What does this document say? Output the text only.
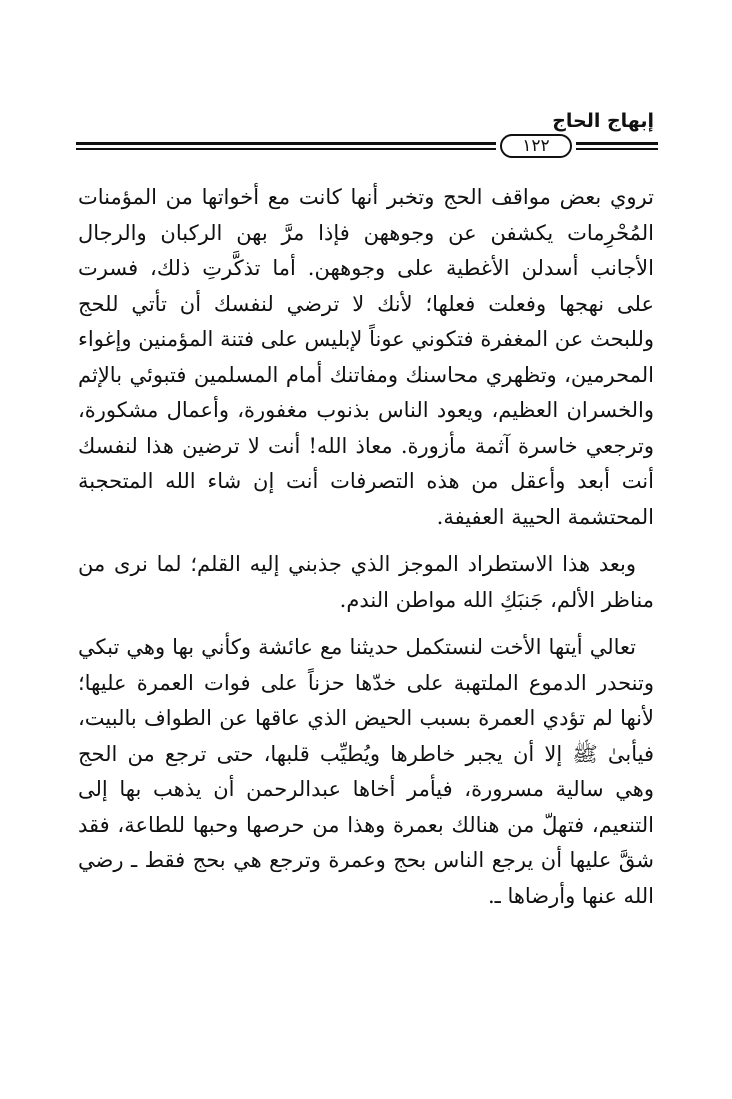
١٢٢
إبهاج الحاج

تروي بعض مواقف الحج وتخبر أنها كانت مع أخواتها من المؤمنات المُحْرِمات يكشفن عن وجوههن فإذا مرَّ بهن الركبان والرجال الأجانب أسدلن الأغطية على وجوههن. أما تذكَّرتِ ذلك، فسرت على نهجها وفعلت فعلها؛ لأنك لا ترضي لنفسك أن تأتي للحج وللبحث عن المغفرة فتكوني عوناً لإبليس على فتنة المؤمنين وإغواء المحرمين، وتظهري محاسنك ومفاتنك أمام المسلمين فتبوئي بالإثم والخسران العظيم، ويعود الناس بذنوب مغفورة، وأعمال مشكورة، وترجعي خاسرة آثمة مأزورة. معاذ الله! أنت لا ترضين هذا لنفسك أنت أبعد وأعقل من هذه التصرفات أنت إن شاء الله المتحجبة المحتشمة الحيية العفيفة.

وبعد هذا الاستطراد الموجز الذي جذبني إليه القلم؛ لما نرى من مناظر الألم، جَنبَكِ الله مواطن الندم.

تعالي أيتها الأخت لنستكمل حديثنا مع عائشة وكأني بها وهي تبكي وتنحدر الدموع الملتهبة على خدّها حزناً على فوات العمرة عليها؛ لأنها لم تؤدي العمرة بسبب الحيض الذي عاقها عن الطواف بالبيت، فيأبىٰ ﷺ إلا أن يجبر خاطرها ويُطيِّب قلبها، حتى ترجع من الحج وهي سالية مسرورة، فيأمر أخاها عبدالرحمن أن يذهب بها إلى التنعيم، فتهلّ من هنالك بعمرة وهذا من حرصها وحبها للطاعة، فقد شقَّ عليها أن يرجع الناس بحج وعمرة وترجع هي بحج فقط ـ رضي الله عنها وأرضاها ـ.
